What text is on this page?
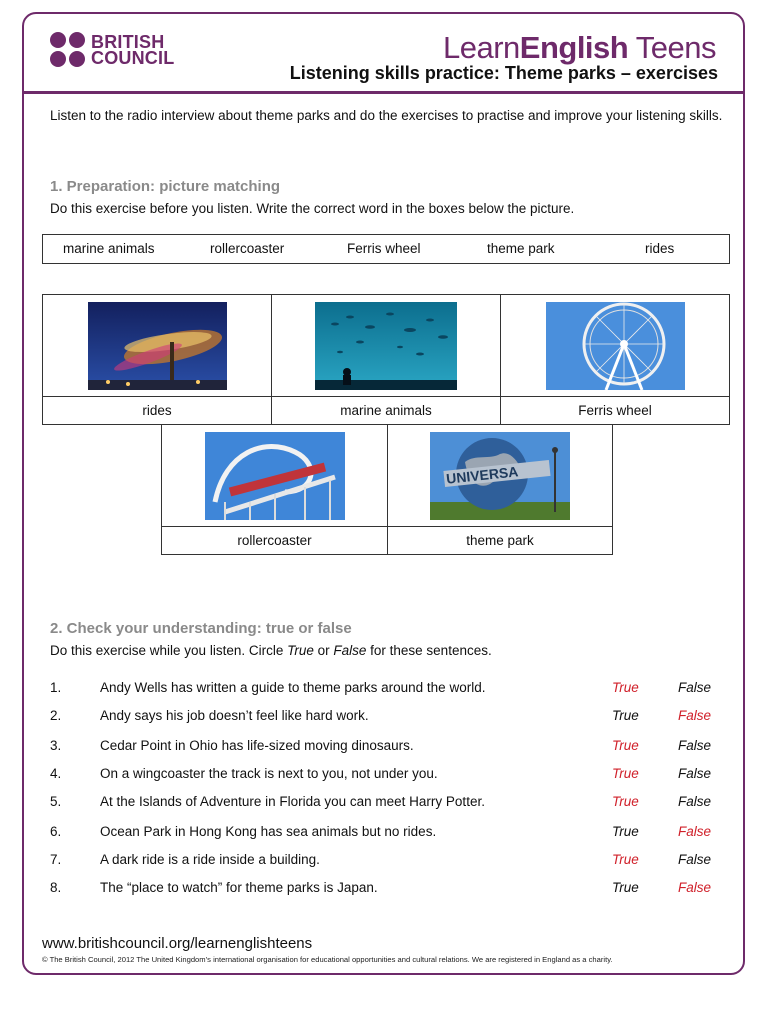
BRITISH
COUNCIL	LearnEnglish Teens
Listening skills practice: Theme parks – exercises
Listen to the radio interview about theme parks and do the exercises to practise and improve your listening skills.
1. Preparation: picture matching
Do this exercise before you listen. Write the correct word in the boxes below the picture.
marine animals	rollercoaster	Ferris wheel	theme park	rides

rides	marine animals	Ferris wheel

UNIVERSA

rollercoaster	theme park
2. Check your understanding: true or false
Do this exercise while you listen. Circle True or False for these sentences.
1.	Andy Wells has written a guide to theme parks around the world.	True	False
2.	Andy says his job doesn’t feel like hard work.	True	False
3.	Cedar Point in Ohio has life-sized moving dinosaurs.	True	False
4.	On a wingcoaster the track is next to you, not under you.	True	False
5.	At the Islands of Adventure in Florida you can meet Harry Potter.	True	False
6.	Ocean Park in Hong Kong has sea animals but no rides.	True	False
7.	A dark ride is a ride inside a building.	True	False
8.	The “place to watch” for theme parks is Japan.	True	False
www.britishcouncil.org/learnenglishteens
© The British Council, 2012 The United Kingdom’s international organisation for educational opportunities and cultural relations. We are registered in England as a charity.
